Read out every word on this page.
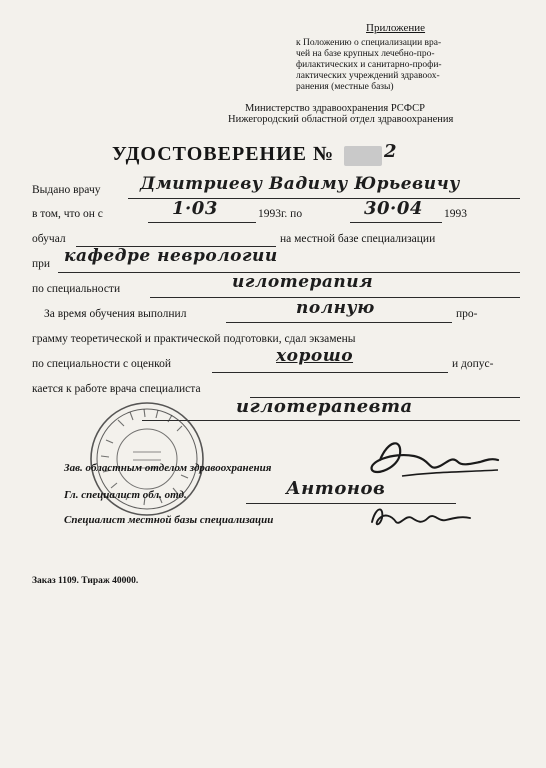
Приложение
к Положению о специализации вра-
чей на базе крупных лечебно-про-
филактических и санитарно-профи-
лактических учреждений здравоох-
ранения (местные базы)
Министерство здравоохранения РСФСР
Нижегородский областной отдел здравоохранения
УДОСТОВЕРЕНИЕ №	2
Выдано врачу Дмитриеву Вадиму Юрьевичу
в том, что он с	1·03	1993г. по	30·04 1993
обучал	на местной базе специализации
при кафедре неврологии
по специальности	иглотерапия
За время обучения выполнил	полную	про-
грамму теоретической и практической подготовки, сдал экзамены
по специальности с оценкой	хорошо	и допус-
кается к работе врача специалиста
иглотерапевта
Зав. областным отделом здравоохранения
Гл. специалист обл. отд.	Антонов
Специалист местной базы специализации
Заказ 1109. Тираж 40000.
